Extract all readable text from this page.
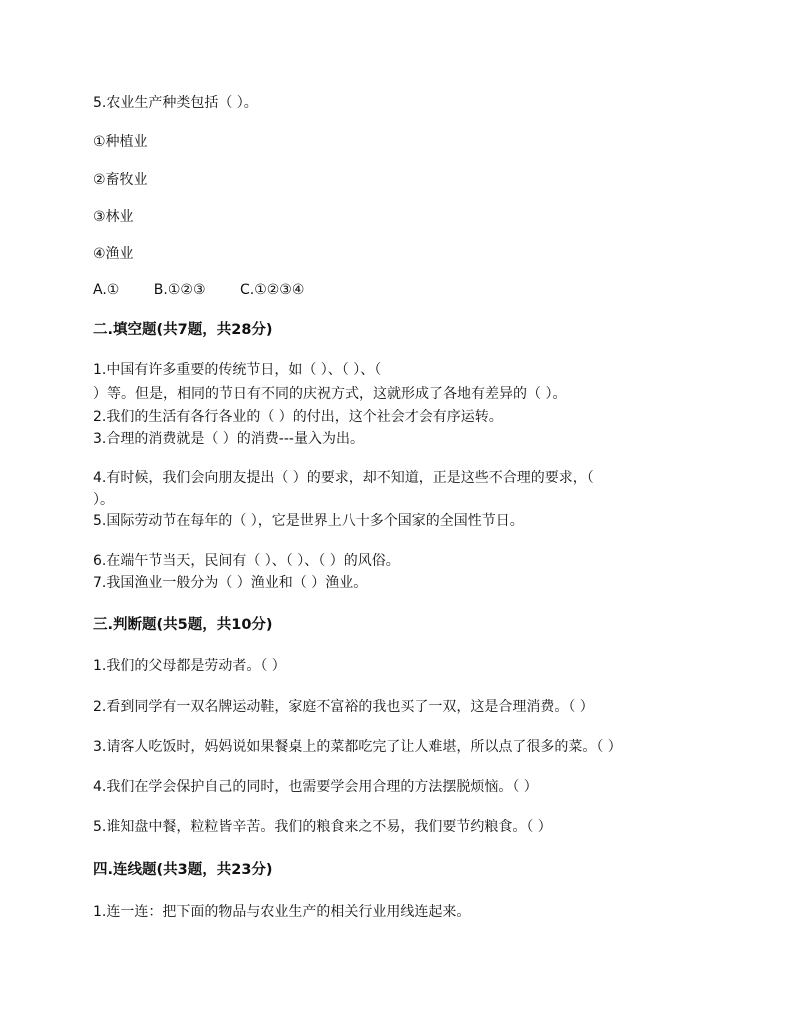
5.农业生产种类包括（ ）。
①种植业
②畜牧业
③林业
④渔业
A.① B.①②③ C.①②③④
二.填空题(共7题，共28分)
1.中国有许多重要的传统节日，如（ ）、（ ）、（
）等。但是，相同的节日有不同的庆祝方式，这就形成了各地有差异的（ ）。
2.我们的生活有各行各业的（ ）的付出，这个社会才会有序运转。
3.合理的消费就是（ ）的消费---量入为出。
4.有时候，我们会向朋友提出（ ）的要求，却不知道，正是这些不合理的要求，（
）。
5.国际劳动节在每年的（ ），它是世界上八十多个国家的全国性节日。
6.在端午节当天，民间有（ ）、（ ）、（ ）的风俗。
7.我国渔业一般分为（ ）渔业和（ ）渔业。
三.判断题(共5题，共10分)
1.我们的父母都是劳动者。（ ）
2.看到同学有一双名牌运动鞋，家庭不富裕的我也买了一双，这是合理消费。（ ）
3.请客人吃饭时，妈妈说如果餐桌上的菜都吃完了让人难堪，所以点了很多的菜。（ ）
4.我们在学会保护自己的同时，也需要学会用合理的方法摆脱烦恼。（ ）
5.谁知盘中餐，粒粒皆辛苦。我们的粮食来之不易，我们要节约粮食。（ ）
四.连线题(共3题，共23分)
1.连一连：把下面的物品与农业生产的相关行业用线连起来。
